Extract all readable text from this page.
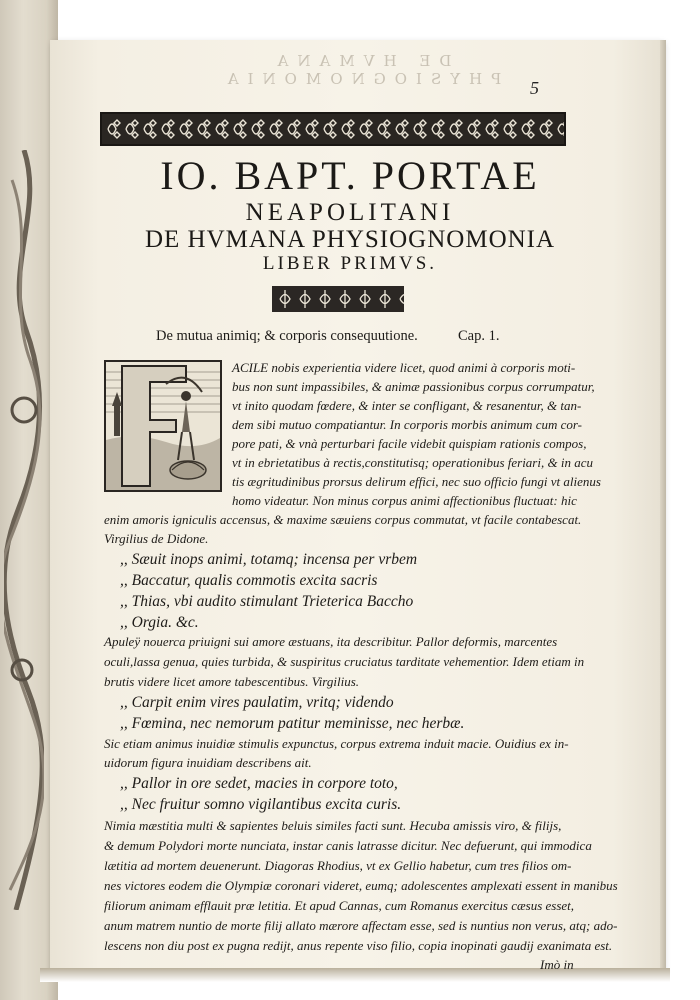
DE HVMANA PHYSIOGNOMONIA	5
IO. BAPT. PORTAE
NEAPOLITANI
DE HVMANA PHYSIOGNOMONIA
LIBER PRIMVS.
De mutua animiq; & corporis consequutione.	Cap. 1.
ACILE nobis experientia videre licet, quod animi à corporis moti-
bus non sunt impassibiles, & animæ passionibus corpus corrumpatur,
vt inito quodam fœdere, & inter se confligant, & resanentur, & tan-
dem sibi mutuo compatiantur. In corporis morbis animum cum cor-
pore pati, & vnà perturbari facile videbit quispiam rationis compos,
vt in ebrietatibus à rectis,constitutisq; operationibus feriari, & in acu
tis ægritudinibus prorsus delirum effici, nec suo officio fungi vt alienus
homo videatur. Non minus corpus animi affectionibus fluctuat: hic
enim amoris igniculis accensus, & maxime sæuiens corpus commutat, vt facile contabescat.
Virgilius de Didone.
,, Sæuit inops animi, totamq; incensa per vrbem
,, Baccatur, qualis commotis excita sacris
,, Thias, vbi audito stimulant Trieterica Baccho
,, Orgia. &c.
Apuleÿ nouerca priuigni sui amore æstuans, ita describitur. Pallor deformis, marcentes
oculi,lassa genua, quies turbida, & suspiritus cruciatus tarditate vehementior. Idem etiam in
brutis videre licet amore tabescentibus. Virgilius.
,, Carpit enim vires paulatim, vritq; videndo
,, Fœmina, nec nemorum patitur meminisse, nec herbæ.
Sic etiam animus inuidiæ stimulis expunctus, corpus extrema induit macie. Ouidius ex in-
uidorum figura inuidiam describens ait.
,, Pallor in ore sedet, macies in corpore toto,
,, Nec fruitur somno vigilantibus excita curis.
Nimia mæstitia multi & sapientes beluis similes facti sunt. Hecuba amissis viro, & filijs,
& demum Polydori morte nunciata, instar canis latrasse dicitur. Nec defuerunt, qui immodica
lætitia ad mortem deuenerunt. Diagoras Rhodius, vt ex Gellio habetur, cum tres filios om-
nes victores eodem die Olympiæ coronari videret, eumq; adolescentes amplexati essent in manibus
filiorum animam efflauit præ letitia. Et apud Cannas, cum Romanus exercitus cæsus esset,
anum matrem nuntio de morte filij allato mærore affectam esse, sed is nuntius non verus, atq; ado-
lescens non diu post ex pugna redijt, anus repente viso filio, copia inopinati gaudij exanimata est.
Imò in
